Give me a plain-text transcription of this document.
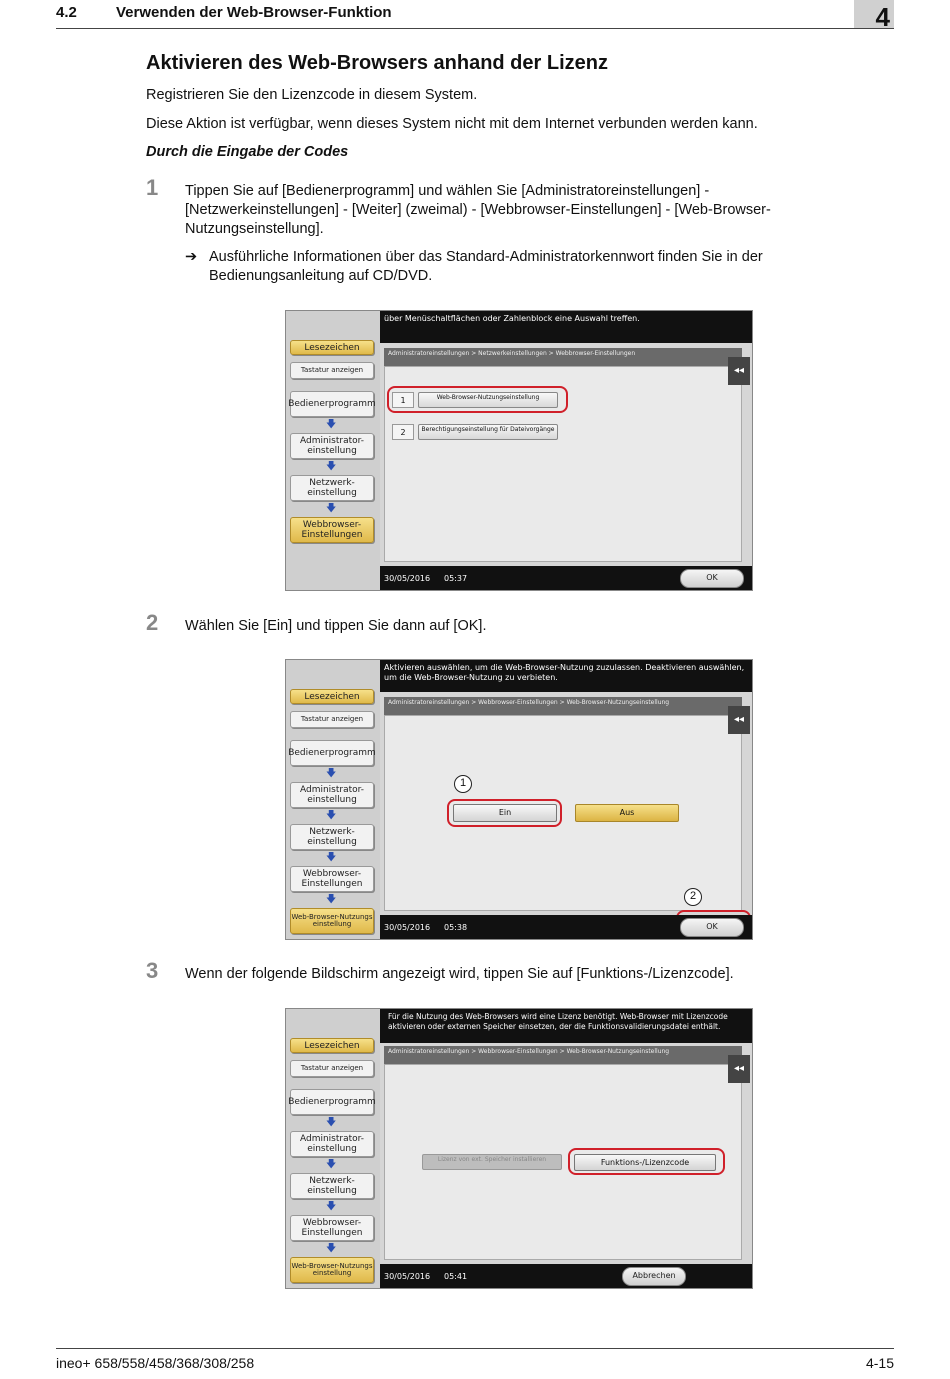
4.2	Verwenden der Web-Browser-Funktion	4
Aktivieren des Web-Browsers anhand der Lizenz
Registrieren Sie den Lizenzcode in diesem System.
Diese Aktion ist verfügbar, wenn dieses System nicht mit dem Internet verbunden werden kann.
Durch die Eingabe der Codes
1 Tippen Sie auf [Bedienerprogramm] und wählen Sie [Administratoreinstellungen] - [Netzwerkeinstellungen] - [Weiter] (zweimal) - [Webbrowser-Einstellungen] - [Web-Browser-Nutzungseinstellung].
➔ Ausführliche Informationen über das Standard-Administratorkennwort finden Sie in der Bedienungsanleitung auf CD/DVD.
Lesezeichen
Tastatur anzeigen
Bedienerprogramm
🡇
Administrator-einstellung
🡇
Netzwerk-einstellung
🡇
Webbrowser-Einstellungen
über Menüschaltflächen oder Zahlenblock eine Auswahl treffen.
Administratoreinstellungen > Netzwerkeinstellungen > Webbrowser-Einstellungen
◂◂
1	Web-Browser-Nutzungseinstellung
2	Berechtigungseinstellung für Dateivorgänge
30/05/2016 05:37	OK
2 Wählen Sie [Ein] und tippen Sie dann auf [OK].
Lesezeichen
Tastatur anzeigen
Bedienerprogramm
🡇
Administrator-einstellung
🡇
Netzwerk-einstellung
🡇
Webbrowser-Einstellungen
🡇
Web-Browser-Nutzungs einstellung
Aktivieren auswählen, um die Web-Browser-Nutzung zuzulassen. Deaktivieren auswählen, um die Web-Browser-Nutzung zu verbieten.
Administratoreinstellungen > Webbrowser-Einstellungen > Web-Browser-Nutzungseinstellung
◂◂
1
Ein	Aus
2
30/05/2016 05:38	OK
3 Wenn der folgende Bildschirm angezeigt wird, tippen Sie auf [Funktions-/Lizenzcode].
Lesezeichen
Tastatur anzeigen
Bedienerprogramm
🡇
Administrator-einstellung
🡇
Netzwerk-einstellung
🡇
Webbrowser-Einstellungen
🡇
Web-Browser-Nutzungs einstellung
Für die Nutzung des Web-Browsers wird eine Lizenz benötigt. Web-Browser mit Lizenzcode aktivieren oder externen Speicher einsetzen, der die Funktionsvalidierungsdatei enthält.
Administratoreinstellungen > Webbrowser-Einstellungen > Web-Browser-Nutzungseinstellung
◂◂
Lizenz von ext. Speicher installieren	Funktions-/Lizenzcode
30/05/2016 05:41	Abbrechen
ineo+ 658/558/458/368/308/258	4-15
